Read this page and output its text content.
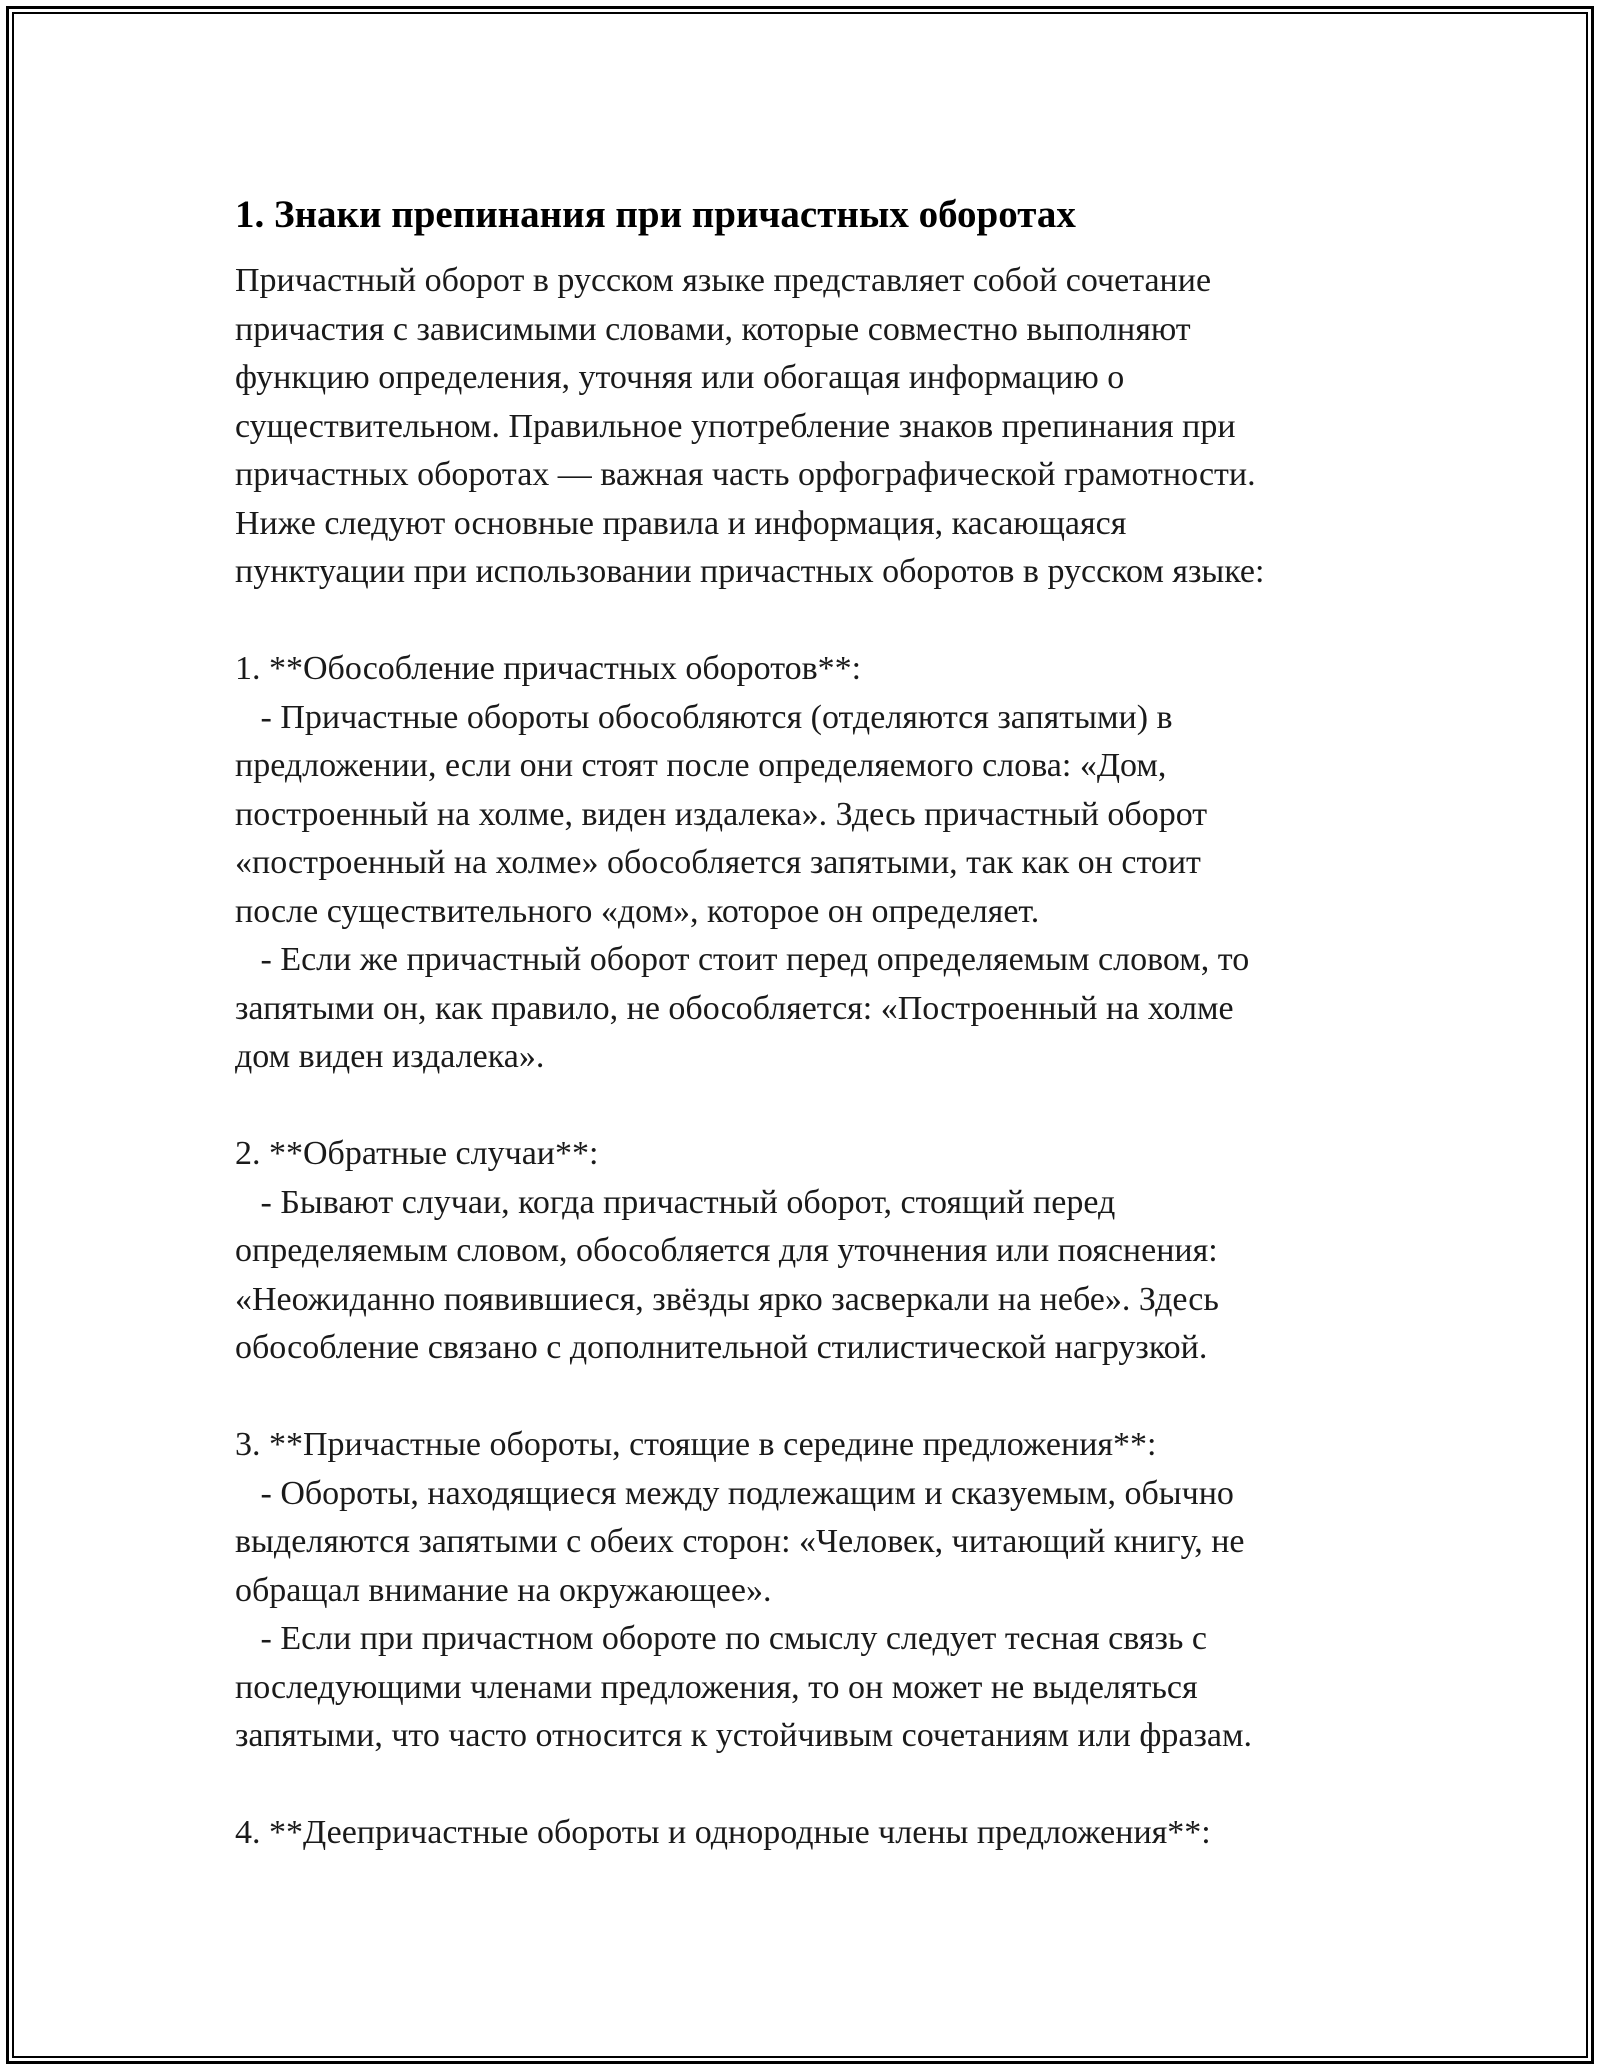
1. Знаки препинания при причастных оборотах

Причастный оборот в русском языке представляет собой сочетание
причастия с зависимыми словами, которые совместно выполняют
функцию определения, уточняя или обогащая информацию о
существительном. Правильное употребление знаков препинания при
причастных оборотах — важная часть орфографической грамотности.
Ниже следуют основные правила и информация, касающаяся
пунктуации при использовании причастных оборотов в русском языке:

1. **Обособление причастных оборотов**:
- Причастные обороты обособляются (отделяются запятыми) в
предложении, если они стоят после определяемого слова: «Дом,
построенный на холме, виден издалека». Здесь причастный оборот
«построенный на холме» обособляется запятыми, так как он стоит
после существительного «дом», которое он определяет.
- Если же причастный оборот стоит перед определяемым словом, то
запятыми он, как правило, не обособляется: «Построенный на холме
дом виден издалека».

2. **Обратные случаи**:
- Бывают случаи, когда причастный оборот, стоящий перед
определяемым словом, обособляется для уточнения или пояснения:
«Неожиданно появившиеся, звёзды ярко засверкали на небе». Здесь
обособление связано с дополнительной стилистической нагрузкой.

3. **Причастные обороты, стоящие в середине предложения**:
- Обороты, находящиеся между подлежащим и сказуемым, обычно
выделяются запятыми с обеих сторон: «Человек, читающий книгу, не
обращал внимание на окружающее».
- Если при причастном обороте по смыслу следует тесная связь с
последующими членами предложения, то он может не выделяться
запятыми, что часто относится к устойчивым сочетаниям или фразам.

4. **Деепричастные обороты и однородные члены предложения**:
